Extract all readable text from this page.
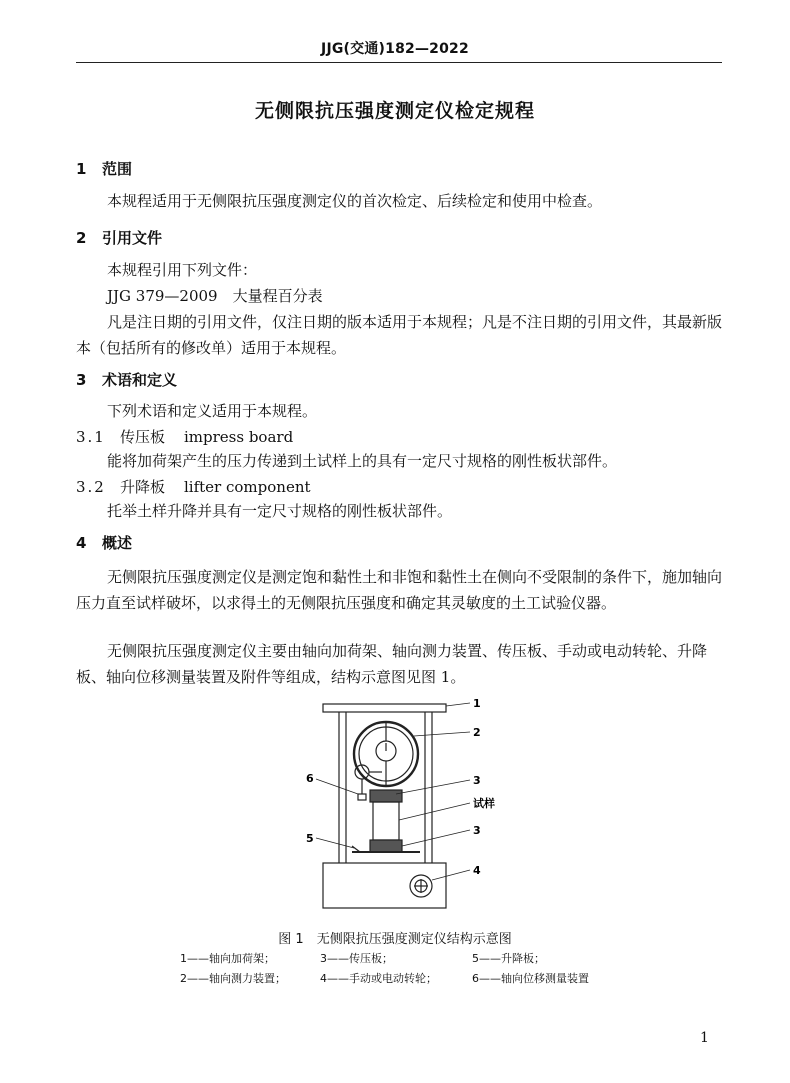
JJG(交通)182—2022
无侧限抗压强度测定仪检定规程
1 范围
本规程适用于无侧限抗压强度测定仪的首次检定、后续检定和使用中检查。
2 引用文件
本规程引用下列文件：
JJG 379—2009　大量程百分表
凡是注日期的引用文件，仅注日期的版本适用于本规程；凡是不注日期的引用文件，其最新版本（包括所有的修改单）适用于本规程。
3 术语和定义
下列术语和定义适用于本规程。
3.1 传压板 impress board
能将加荷架产生的压力传递到土试样上的具有一定尺寸规格的刚性板状部件。
3.2 升降板 lifter component
托举土样升降并具有一定尺寸规格的刚性板状部件。
4 概述
无侧限抗压强度测定仪是测定饱和黏性土和非饱和黏性土在侧向不受限制的条件下，施加轴向压力直至试样破坏，以求得土的无侧限抗压强度和确定其灵敏度的土工试验仪器。
无侧限抗压强度测定仪主要由轴向加荷架、轴向测力装置、传压板、手动或电动转轮、升降板、轴向位移测量装置及附件等组成，结构示意图见图 1。
1
2
3
试样
3
4
5
6
图 1　无侧限抗压强度测定仪结构示意图
1——轴向加荷架；	3——传压板；	5——升降板；
2——轴向测力装置；	4——手动或电动转轮；	6——轴向位移测量装置
1
